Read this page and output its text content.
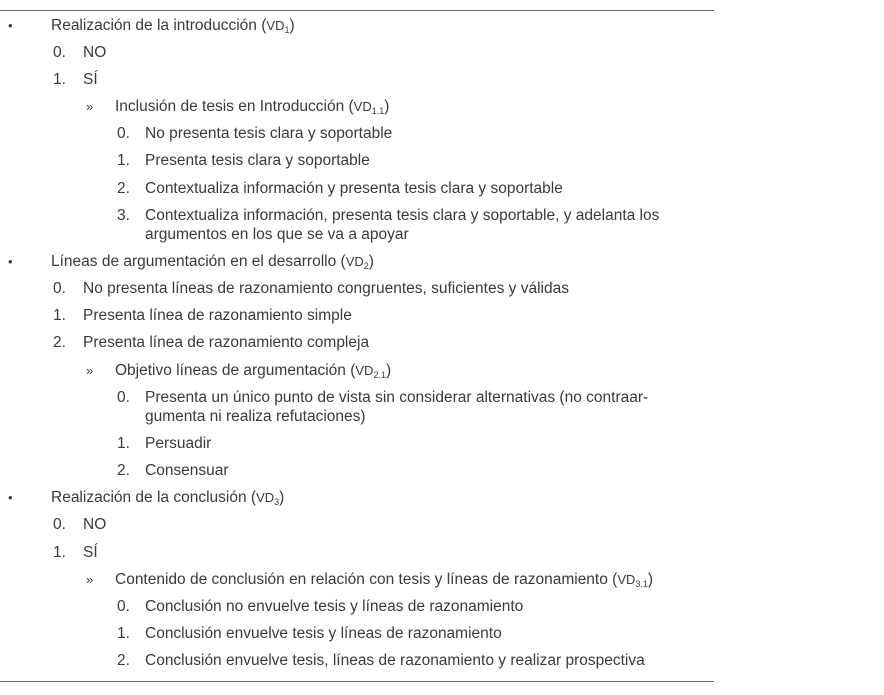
• Realización de la introducción $(VD_1)$
0. NO
1. SÍ
» Inclusión de tesis en Introducción $(VD_{1.1})$
0. No presenta tesis clara y soportable
1. Presenta tesis clara y soportable
2. Contextualiza información y presenta tesis clara y soportable
3. Contextualiza información, presenta tesis clara y soportable, y adelanta los argumentos en los que se va a apoyar
• Líneas de argumentación en el desarrollo $(VD_2)$
0. No presenta líneas de razonamiento congruentes, suficientes y válidas
1. Presenta línea de razonamiento simple
2. Presenta línea de razonamiento compleja
» Objetivo líneas de argumentación $(VD_{2.1})$
0. Presenta un único punto de vista sin considerar alternativas (no contraar-gumenta ni realiza refutaciones)
1. Persuadir
2. Consensuar
• Realización de la conclusión $(VD_3)$
0. NO
1. SÍ
» Contenido de conclusión en relación con tesis y líneas de razonamiento $(VD_{3.1})$
0. Conclusión no envuelve tesis y líneas de razonamiento
1. Conclusión envuelve tesis y líneas de razonamiento
2. Conclusión envuelve tesis, líneas de razonamiento y realizar prospectiva
